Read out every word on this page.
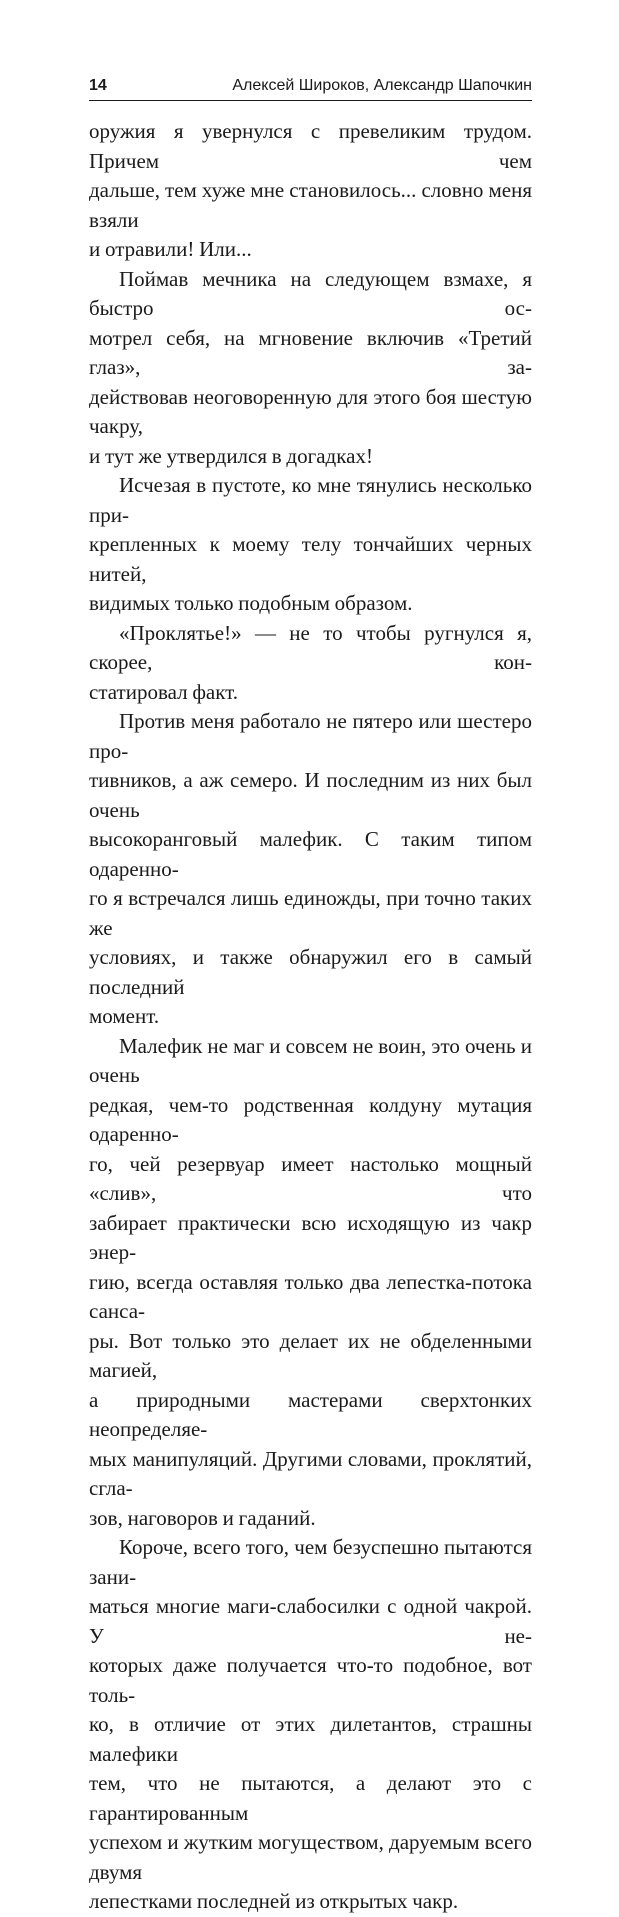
14	Алексей Широков, Александр Шапочкин

оружия я увернулся с превеликим трудом. Причем чем

дальше, тем хуже мне становилось... словно меня взяли

и отравили! Или...

Поймав мечника на следующем взмахе, я быстро ос-

мотрел себя, на мгновение включив «Третий глаз», за-

действовав неоговоренную для этого боя шестую чакру,

и тут же утвердился в догадках!

Исчезая в пустоте, ко мне тянулись несколько при-

крепленных к моему телу тончайших черных нитей,

видимых только подобным образом.

«Проклятье!» — не то чтобы ругнулся я, скорее, кон-

статировал факт.

Против меня работало не пятеро или шестеро про-

тивников, а аж семеро. И последним из них был очень

высокоранговый малефик. С таким типом одаренно-

го я встречался лишь единожды, при точно таких же

условиях, и также обнаружил его в самый последний

момент.

Малефик не маг и совсем не воин, это очень и очень

редкая, чем-то родственная колдуну мутация одаренно-

го, чей резервуар имеет настолько мощный «слив», что

забирает практически всю исходящую из чакр энер-

гию, всегда оставляя только два лепестка-потока санса-

ры. Вот только это делает их не обделенными магией,

а природными мастерами сверхтонких неопределяе-

мых манипуляций. Другими словами, проклятий, сгла-

зов, наговоров и гаданий.

Короче, всего того, чем безуспешно пытаются зани-

маться многие маги-слабосилки с одной чакрой. У не-

которых даже получается что-то подобное, вот толь-

ко, в отличие от этих дилетантов, страшны малефики

тем, что не пытаются, а делают это с гарантированным

успехом и жутким могуществом, даруемым всего двумя

лепестками последней из открытых чакр.
